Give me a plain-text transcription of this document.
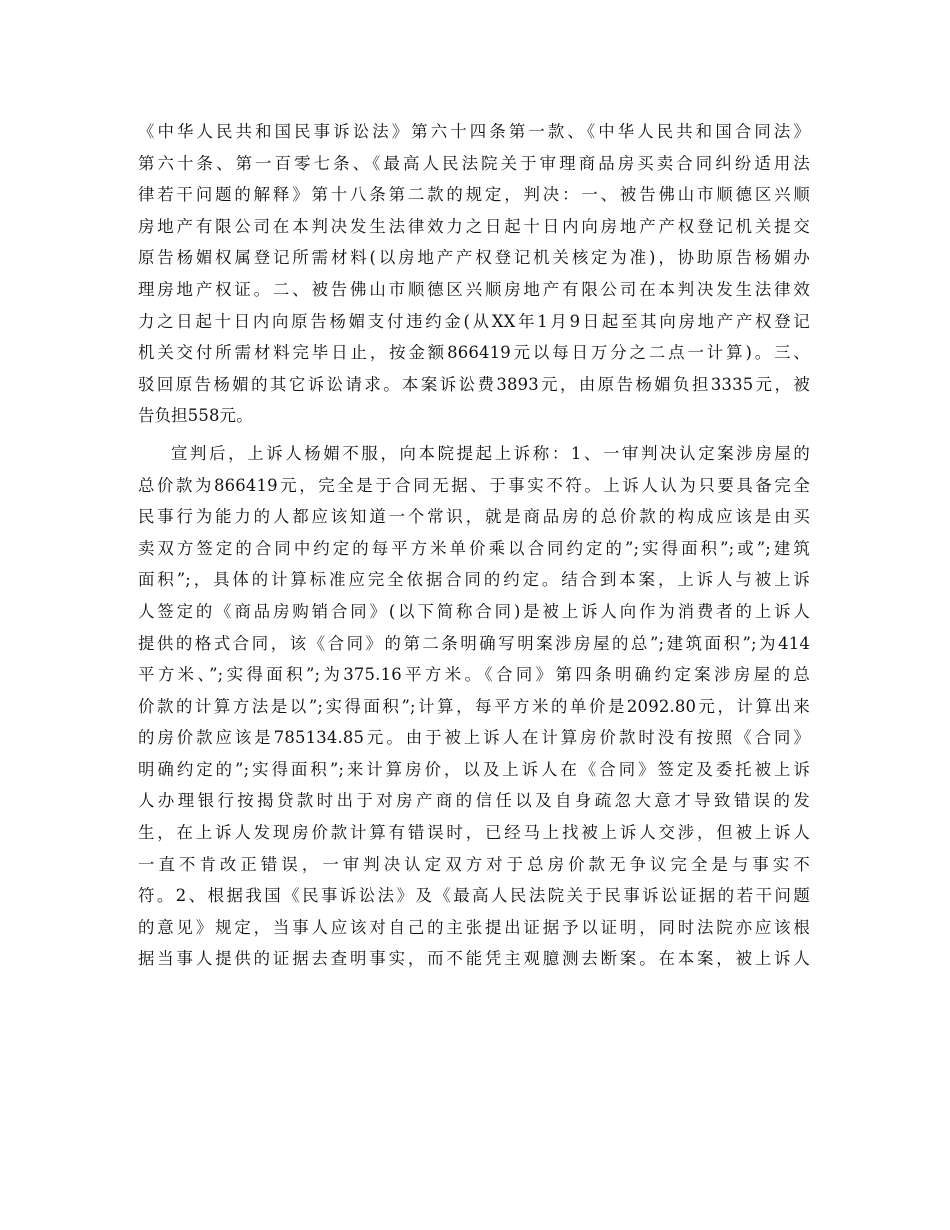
《中华人民共和国民事诉讼法》第六十四条第一款、《中华人民共和国合同法》
第六十条、第一百零七条、《最高人民法院关于审理商品房买卖合同纠纷适用法
律若干问题的解释》第十八条第二款的规定，判决：一、被告佛山市顺德区兴顺
房地产有限公司在本判决发生法律效力之日起十日内向房地产产权登记机关提交
原告杨媚权属登记所需材料(以房地产产权登记机关核定为准)，协助原告杨媚办
理房地产权证。二、被告佛山市顺德区兴顺房地产有限公司在本判决发生法律效
力之日起十日内向原告杨媚支付违约金(从XX年1月9日起至其向房地产产权登记
机关交付所需材料完毕日止，按金额866419元以每日万分之二点一计算)。三、
驳回原告杨媚的其它诉讼请求。本案诉讼费3893元，由原告杨媚负担3335元，被
告负担558元。
宣判后，上诉人杨媚不服，向本院提起上诉称：1、一审判决认定案涉房屋的
总价款为866419元，完全是于合同无据、于事实不符。上诉人认为只要具备完全
民事行为能力的人都应该知道一个常识，就是商品房的总价款的构成应该是由买
卖双方签定的合同中约定的每平方米单价乘以合同约定的”;实得面积”;或”;建筑
面积”;，具体的计算标准应完全依据合同的约定。结合到本案，上诉人与被上诉
人签定的《商品房购销合同》(以下简称合同)是被上诉人向作为消费者的上诉人
提供的格式合同，该《合同》的第二条明确写明案涉房屋的总”;建筑面积”;为414
平方米、”;实得面积”;为375.16平方米。《合同》第四条明确约定案涉房屋的总
价款的计算方法是以”;实得面积”;计算，每平方米的单价是2092.80元，计算出来
的房价款应该是785134.85元。由于被上诉人在计算房价款时没有按照《合同》
明确约定的”;实得面积”;来计算房价，以及上诉人在《合同》签定及委托被上诉
人办理银行按揭贷款时出于对房产商的信任以及自身疏忽大意才导致错误的发
生，在上诉人发现房价款计算有错误时，已经马上找被上诉人交涉，但被上诉人
一直不肯改正错误，一审判决认定双方对于总房价款无争议完全是与事实不
符。2、根据我国《民事诉讼法》及《最高人民法院关于民事诉讼证据的若干问题
的意见》规定，当事人应该对自己的主张提出证据予以证明，同时法院亦应该根
据当事人提供的证据去查明事实，而不能凭主观臆测去断案。在本案，被上诉人
